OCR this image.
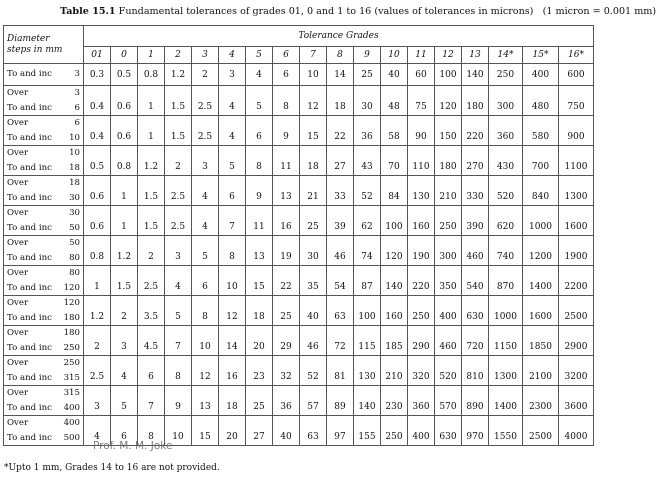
Table 15.1 Fundamental tolerances of grades 01, 0 and 1 to 16 (values of tolerances in microns) (1 micron = 0.001 mm)
Diameter
steps in mm	Tolerance Grades																	
	01	0	1	2	3	4	5	6	7	8	9	10	11	12	13	14*	15*	16*

To and inc 3	0.3	0.5	0.8	1.2	2	3	4	6	10	14	25	40	60	100	140	250	400	600

Over 3
To and inc 6	0.4	0.6	1	1.5	2.5	4	5	8	12	18	30	48	75	120	180	300	480	750

Over 6
To and inc 10	0.4	0.6	1	1.5	2.5	4	6	9	15	22	36	58	90	150	220	360	580	900

Over 10
To and inc 18	0.5	0.8	1.2	2	3	5	8	11	18	27	43	70	110	180	270	430	700	1100

Over 18
To and inc 30	0.6	1	1.5	2.5	4	6	9	13	21	33	52	84	130	210	330	520	840	1300

Over 30
To and inc 50	0.6	1	1.5	2.5	4	7	11	16	25	39	62	100	160	250	390	620	1000	1600

Over 50
To and inc 80	0.8	1.2	2	3	5	8	13	19	30	46	74	120	190	300	460	740	1200	1900

Over 80
To and inc 120	1	1.5	2.5	4	6	10	15	22	35	54	87	140	220	350	540	870	1400	2200

Over 120
To and inc 180	1.2	2	3.5	5	8	12	18	25	40	63	100	160	250	400	630	1000	1600	2500

Over 180
To and inc 250	2	3	4.5	7	10	14	20	29	46	72	115	185	290	460	720	1150	1850	2900

Over 250
To and inc 315	2.5	4	6	8	12	16	23	32	52	81	130	210	320	520	810	1300	2100	3200

Over 315
To and inc 400	3	5	7	9	13	18	25	36	57	89	140	230	360	570	890	1400	2300	3600

Over 400
To and inc 500	4	6	8	10	15	20	27	40	63	97	155	250	400	630	970	1550	2500	4000
Prof. M. M. Joke
*Upto 1 mm, Grades 14 to 16 are not provided.
